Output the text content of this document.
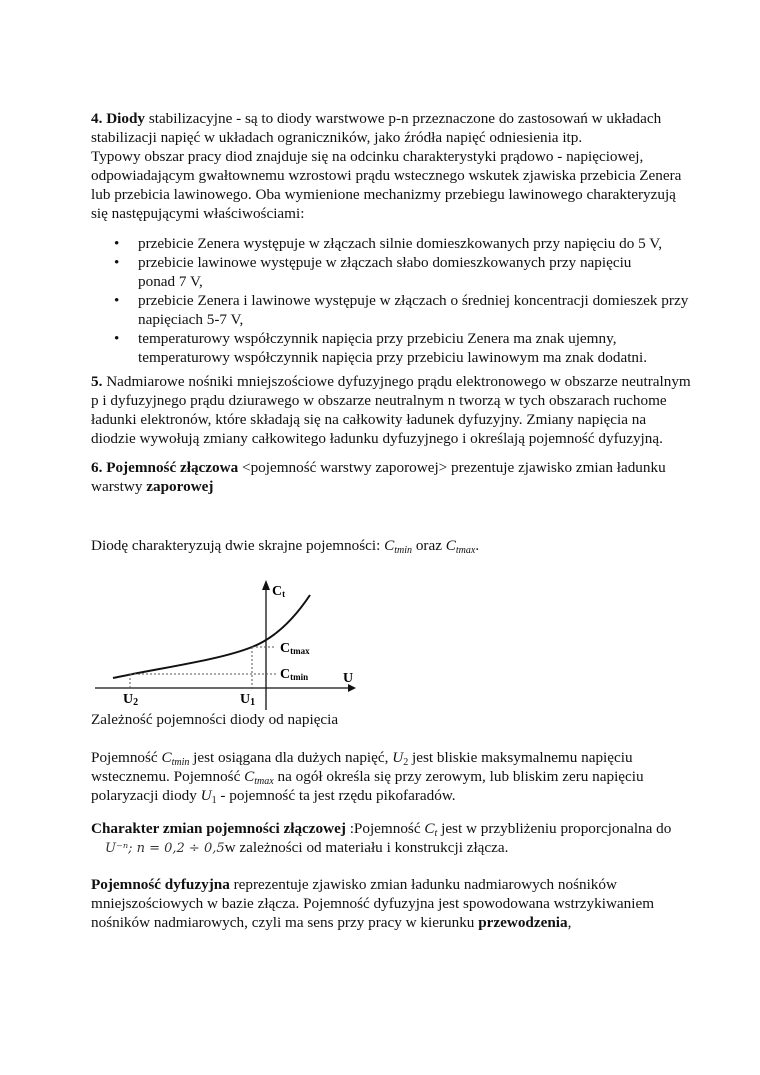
4. Diody stabilizacyjne - są to diody warstwowe p-n przeznaczone do zastosowań w układach stabilizacji napięć w układach ograniczników, jako źródła napięć odniesienia itp.
Typowy obszar pracy diod znajduje się na odcinku charakterystyki prądowo - napięciowej, odpowiadającym gwałtownemu wzrostowi prądu wstecznego wskutek zjawiska przebicia Zenera lub przebicia lawinowego. Oba wymienione mechanizmy przebiegu lawinowego charakteryzują się następującymi właściwościami:
• przebicie Zenera występuje w złączach silnie domieszkowanych przy napięciu do 5 V,
• przebicie lawinowe występuje w złączach słabo domieszkowanych przy napięciu ponad 7 V,
• przebicie Zenera i lawinowe występuje w złączach o średniej koncentracji domieszek przy napięciach 5-7 V,
• temperaturowy współczynnik napięcia przy przebiciu Zenera ma znak ujemny, temperaturowy współczynnik napięcia przy przebiciu lawinowym ma znak dodatni.
5. Nadmiarowe nośniki mniejszościowe dyfuzyjnego prądu elektronowego w obszarze neutralnym p i dyfuzyjnego prądu dziurawego w obszarze neutralnym n tworzą w tych obszarach ruchome ładunki elektronów, które składają się na całkowity ładunek dyfuzyjny. Zmiany napięcia na diodzie wywołują zmiany całkowitego ładunku dyfuzyjnego i określają pojemność dyfuzyjną.
6. Pojemność złączowa <pojemność warstwy zaporowej> prezentuje zjawisko zmian ładunku warstwy zaporowej
Diodę charakteryzują dwie skrajne pojemności: $C_{tmin}$ oraz $C_{tmax}$.
Ct
Ctmax
Ctmin U
U2	U1
Zależność pojemności diody od napięcia
Pojemność $C_{tmin}$ jest osiągana dla dużych napięć, $U_2$ jest bliskie maksymalnemu napięciu wstecznemu. Pojemność $C_{tmax}$ na ogół określa się przy zerowym, lub bliskim zeru napięciu polaryzacji diody $U_1$ - pojemność ta jest rzędu pikofaradów.
Charakter zmian pojemności złączowej :Pojemność $C_t$ jest w przybliżeniu proporcjonalna do U⁻ⁿ; n = 0,2 ÷ 0,5w zależności od materiału i konstrukcji złącza.
Pojemność dyfuzyjna reprezentuje zjawisko zmian ładunku nadmiarowych nośników mniejszościowych w bazie złącza. Pojemność dyfuzyjna jest spowodowana wstrzykiwaniem nośników nadmiarowych, czyli ma sens przy pracy w kierunku przewodzenia,
